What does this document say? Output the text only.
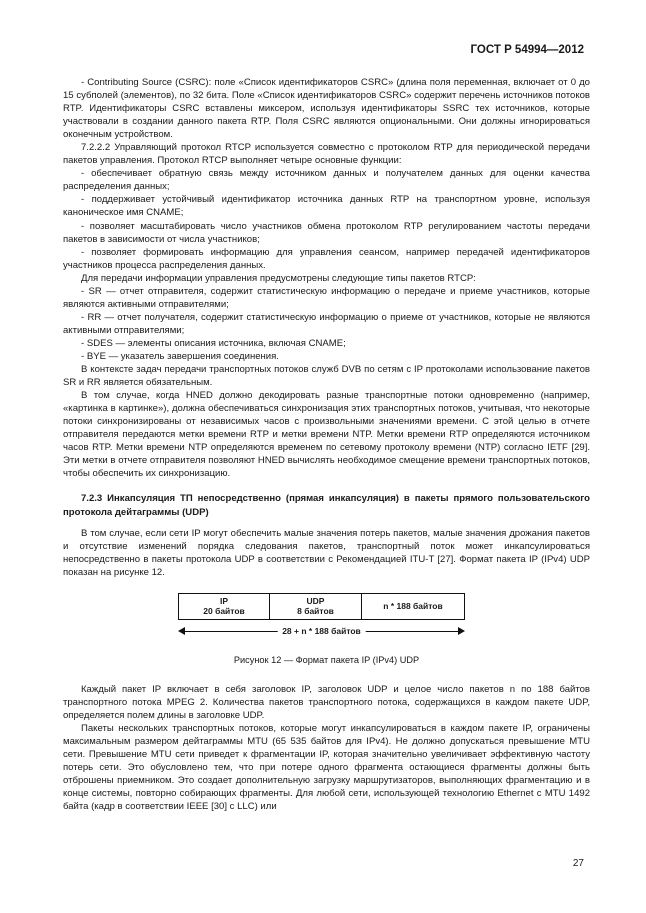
ГОСТ Р 54994—2012

- Contributing Source (CSRC): поле «Список идентификаторов CSRC» (длина поля переменная, включает от 0 до 15 субполей (элементов), по 32 бита. Поле «Список идентификаторов CSRC» содержит перечень источников потоков RTP. Идентификаторы CSRC вставлены миксером, используя идентификаторы SSRC тех источников, которые участвовали в создании данного пакета RTP. Поля CSRC являются опциональными. Они должны игнорироваться оконечным устройством.

7.2.2.2 Управляющий протокол RTCP используется совместно с протоколом RTP для периодической передачи пакетов управления. Протокол RTCP выполняет четыре основные функции:

- обеспечивает обратную связь между источником данных и получателем данных для оценки качества распределения данных;

- поддерживает устойчивый идентификатор источника данных RTP на транспортном уровне, используя каноническое имя CNAME;

- позволяет масштабировать число участников обмена протоколом RTP регулированием частоты передачи пакетов в зависимости от числа участников;

- позволяет формировать информацию для управления сеансом, например передачей идентификаторов участников процесса распределения данных.

Для передачи информации управления предусмотрены следующие типы пакетов RTCP:

- SR — отчет отправителя, содержит статистическую информацию о передаче и приеме участников, которые являются активными отправителями;

- RR — отчет получателя, содержит статистическую информацию о приеме от участников, которые не являются активными отправителями;

- SDES — элементы описания источника, включая CNAME;

- BYE — указатель завершения соединения.

В контексте задач передачи транспортных потоков служб DVB по сетям с IP протоколами использование пакетов SR и RR является обязательным.

В том случае, когда HNED должно декодировать разные транспортные потоки одновременно (например, «картинка в картинке»), должна обеспечиваться синхронизация этих транспортных потоков, учитывая, что некоторые потоки синхронизированы от независимых часов с произвольными значениями времени. С этой целью в отчете отправителя передаются метки времени RTP и метки времени NTP. Метки времени RTP определяются источником часов RTP. Метки времени NTP определяются временем по сетевому протоколу времени (NTP) согласно IETF [29]. Эти метки в отчете отправителя позволяют HNED вычислять необходимое смещение времени транспортных потоков, чтобы обеспечить их синхронизацию.

7.2.3 Инкапсуляция ТП непосредственно (прямая инкапсуляция) в пакеты прямого пользовательского протокола дейтаграммы (UDP)

В том случае, если сети IP могут обеспечить малые значения потерь пакетов, малые значения дрожания пакетов и отсутствие изменений порядка следования пакетов, транспортный поток может инкапсулироваться непосредственно в пакеты протокола UDP в соответствии с Рекомендацией ITU-T [27]. Формат пакета IP (IPv4) UDP показан на рисунке 12.

IP
20 байтов
UDP
8 байтов	n * 188 байтов
28 + n * 188 байтов
Рисунок 12 — Формат пакета IP (IPv4) UDP

Каждый пакет IP включает в себя заголовок IP, заголовок UDP и целое число пакетов n по 188 байтов транспортного потока MPEG 2. Количества пакетов транспортного потока, содержащихся в каждом пакете UDP, определяется полем длины в заголовке UDP.

Пакеты нескольких транспортных потоков, которые могут инкапсулироваться в каждом пакете IP, ограничены максимальным размером дейтаграммы MTU (65 535 байтов для IPv4). Не должно допускаться превышение MTU сети. Превышение MTU сети приведет к фрагментации IP, которая значительно увеличивает эффективную частоту потерь сети. Это обусловлено тем, что при потере одного фрагмента остающиеся фрагменты должны быть отброшены приемником. Это создает дополнительную загрузку маршрутизаторов, выполняющих фрагментацию и в конце системы, повторно собирающих фрагменты. Для любой сети, использующей технологию Ethernet с MTU 1492 байта (кадр в соответствии IEEE [30] с LLC) или

27
